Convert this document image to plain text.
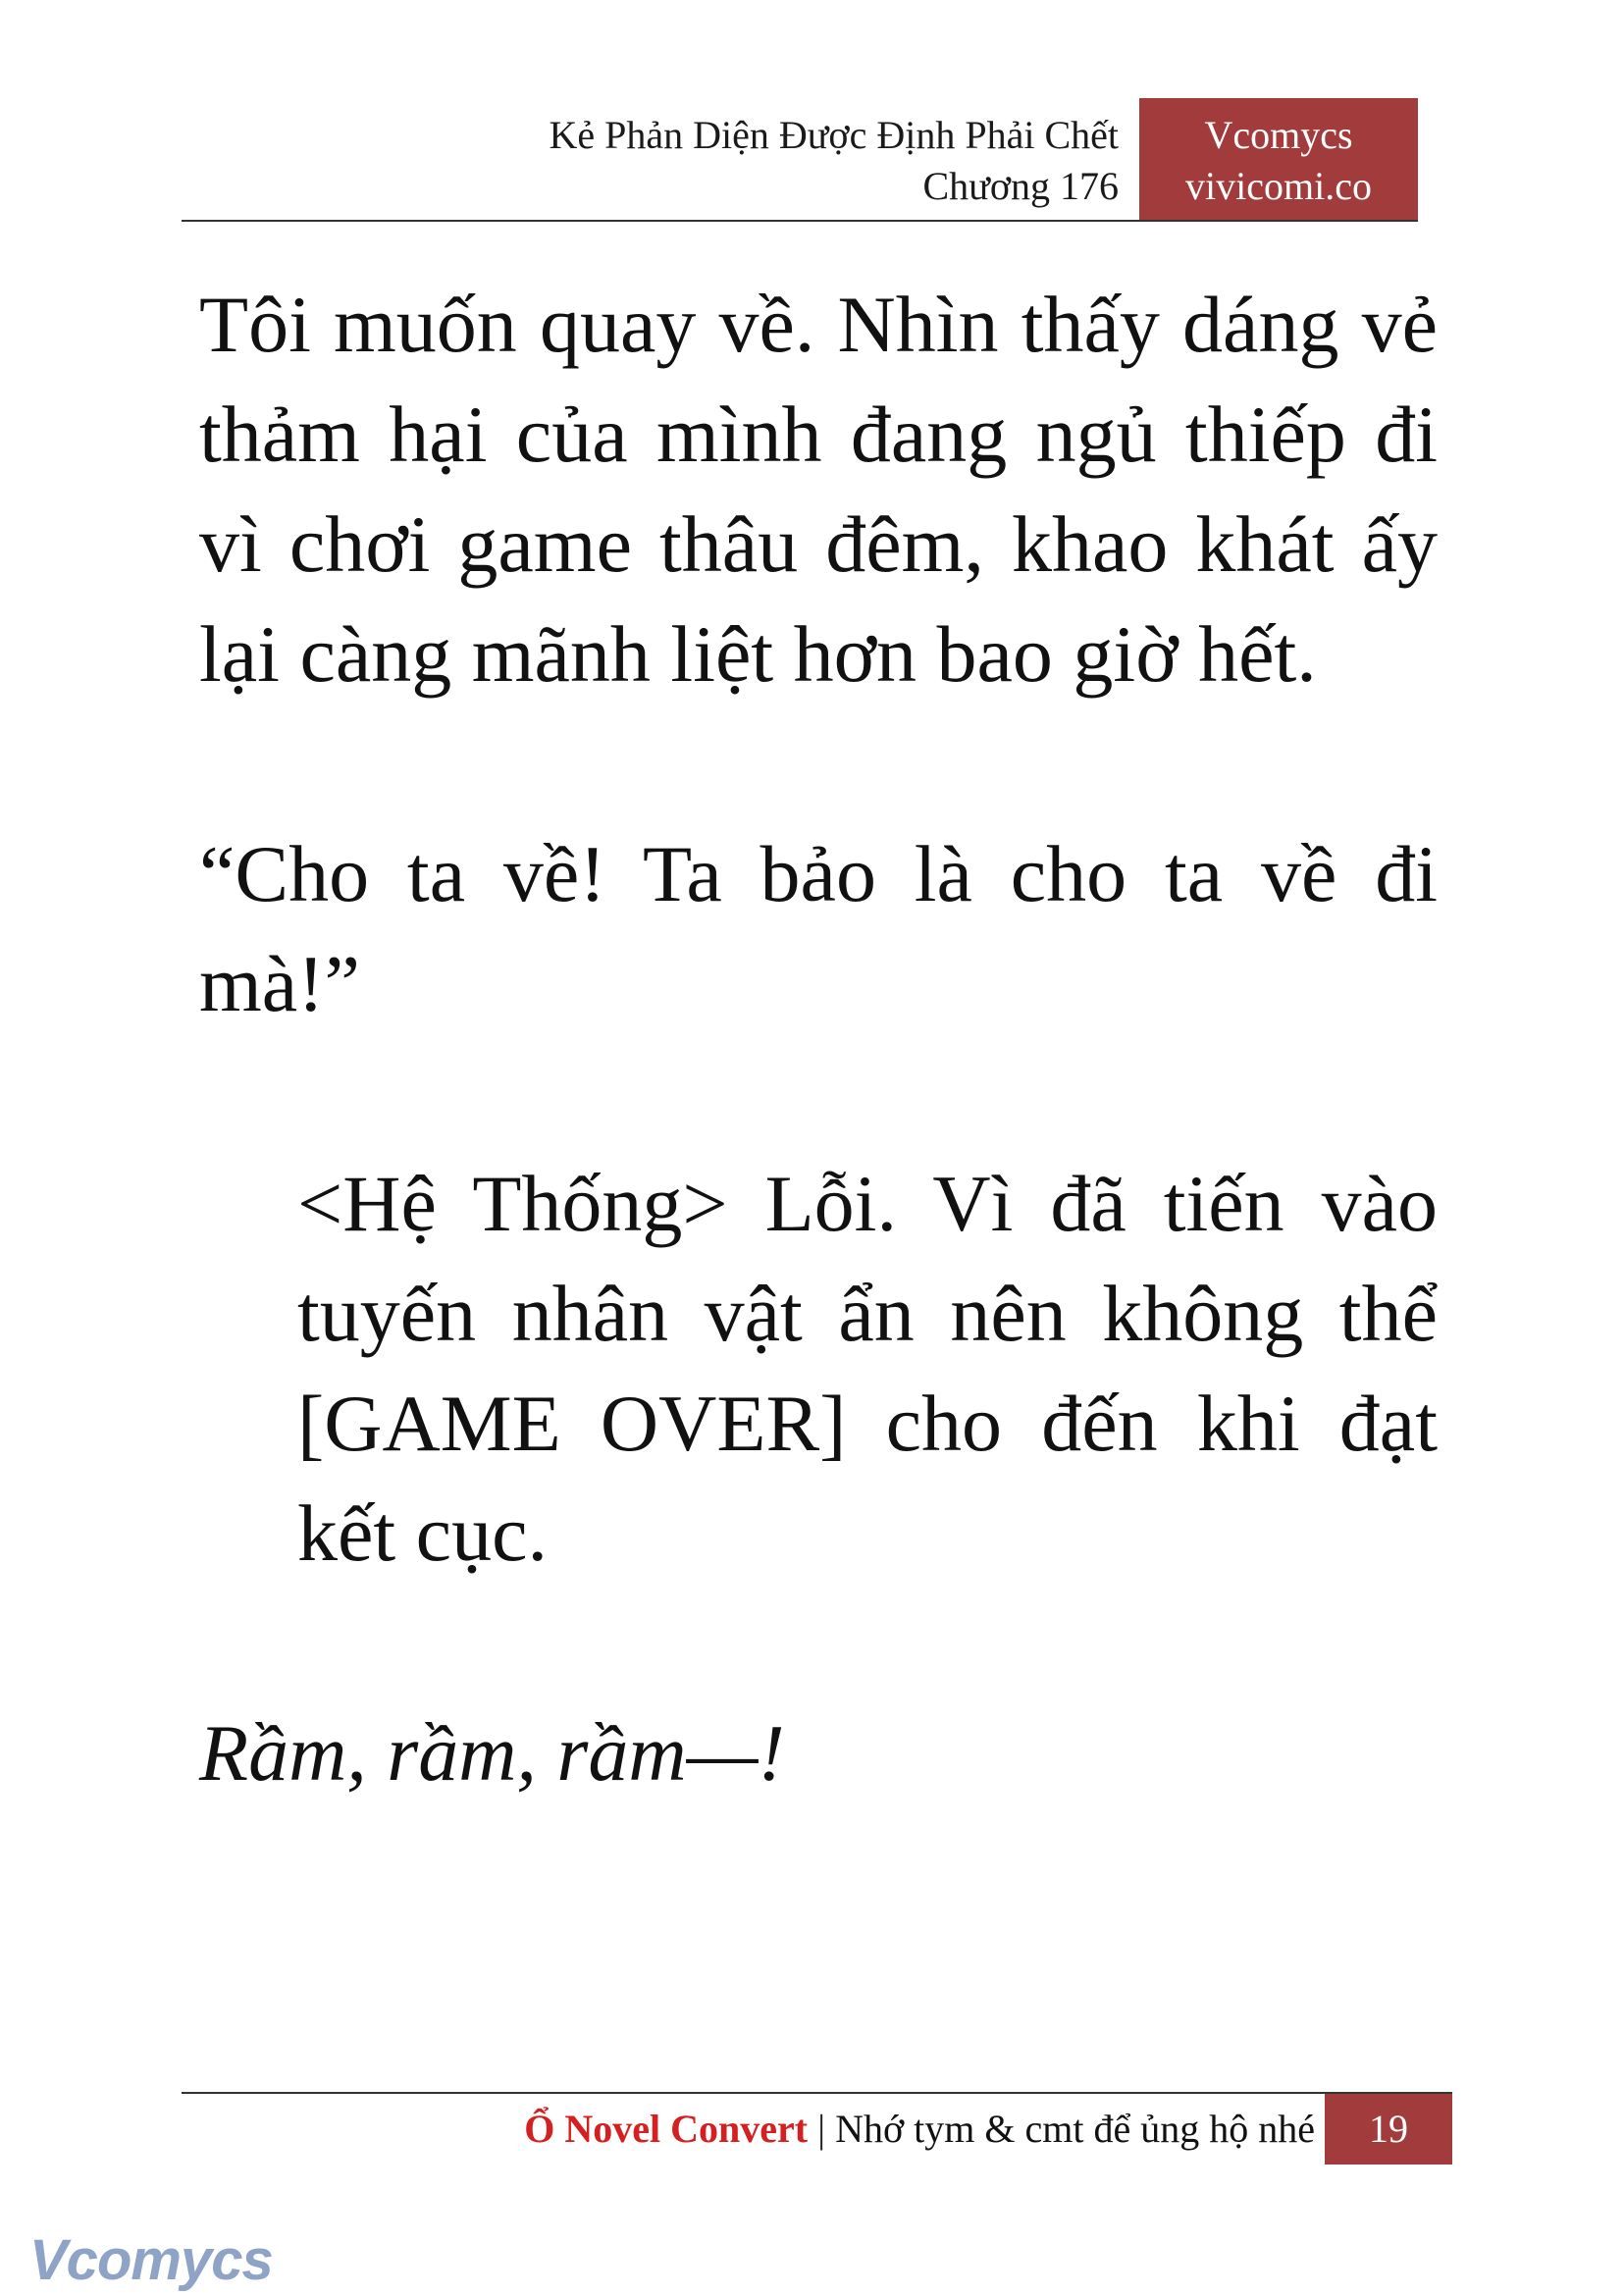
Kẻ Phản Diện Được Định Phải Chết
Chương 176
Vcomycs
vivicomi.co

Tôi muốn quay về. Nhìn thấy dáng vẻ thảm hại của mình đang ngủ thiếp đi vì chơi game thâu đêm, khao khát ấy lại càng mãnh liệt hơn bao giờ hết.

“Cho ta về! Ta bảo là cho ta về đi mà!”

<Hệ Thống> Lỗi. Vì đã tiến vào tuyến nhân vật ẩn nên không thể [GAME OVER] cho đến khi đạt kết cục.

Rầm, rầm, rầm—!

Ổ Novel Convert | Nhớ tym & cmt để ủng hộ nhé	19
Vcomycs
